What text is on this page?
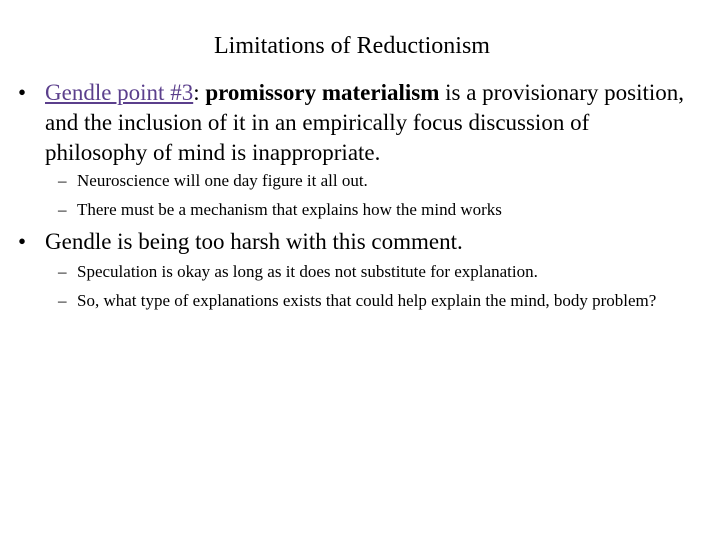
Limitations of Reductionism
• Gendle point #3: promissory materialism is a provisionary position, and the inclusion of it in an empirically focus discussion of philosophy of mind is inappropriate.
– Neuroscience will one day figure it all out.
– There must be a mechanism that explains how the mind works
• Gendle is being too harsh with this comment.
– Speculation is okay as long as it does not substitute for explanation.
– So, what type of explanations exists that could help explain the mind, body problem?
